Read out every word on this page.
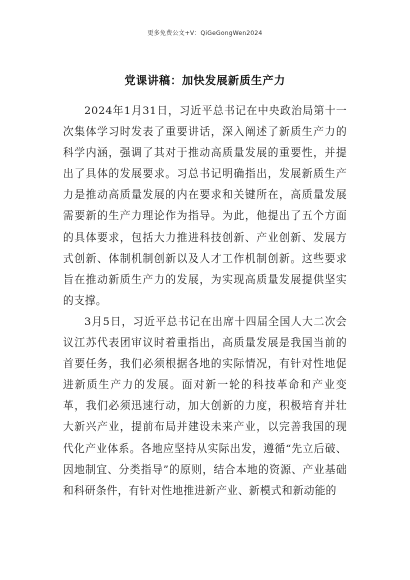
更多免费公文+V：QiGeGongWen2024
党课讲稿：加快发展新质生产力

2024年1月31日，习近平总书记在中央政治局第十一次集体学习时发表了重要讲话，深入阐述了新质生产力的科学内涵，强调了其对于推动高质量发展的重要性，并提出了具体的发展要求。习总书记明确指出，发展新质生产力是推动高质量发展的内在要求和关键所在，高质量发展需要新的生产力理论作为指导。为此，他提出了五个方面的具体要求，包括大力推进科技创新、产业创新、发展方式创新、体制机制创新以及人才工作机制创新。这些要求旨在推动新质生产力的发展，为实现高质量发展提供坚实的支撑。

3月5日，习近平总书记在出席十四届全国人大二次会议江苏代表团审议时着重指出，高质量发展是我国当前的首要任务，我们必须根据各地的实际情况，有针对性地促进新质生产力的发展。面对新一轮的科技革命和产业变革，我们必须迅速行动，加大创新的力度，积极培育并壮大新兴产业，提前布局并建设未来产业，以完善我国的现代化产业体系。各地应坚持从实际出发，遵循“先立后破、因地制宜、分类指导”的原则，结合本地的资源、产业基础和科研条件，有针对性地推进新产业、新模式和新动能的
